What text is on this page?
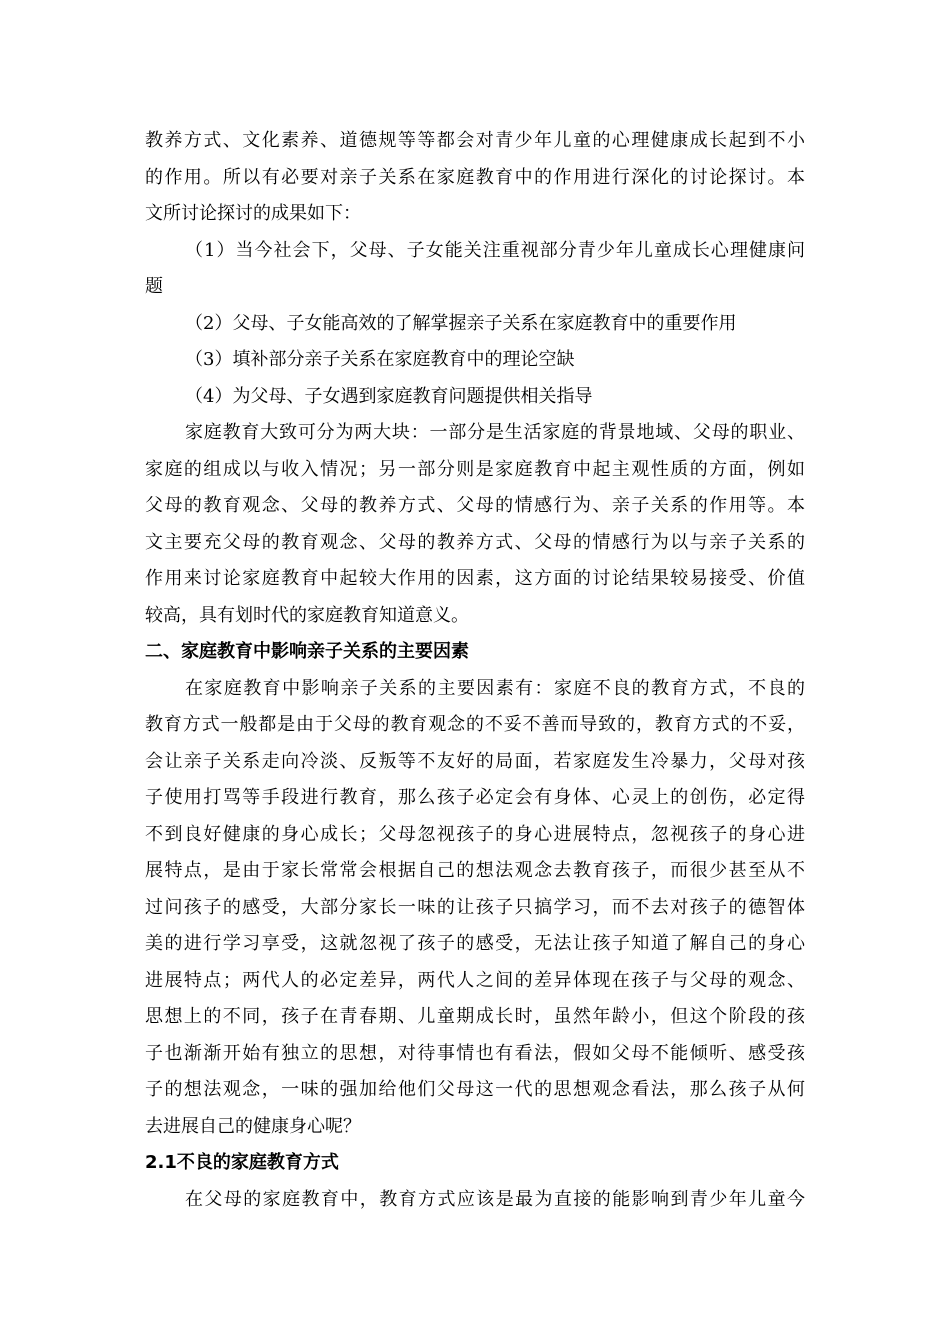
教养方式、文化素养、道德规等等都会对青少年儿童的心理健康成长起到不小
的作用。所以有必要对亲子关系在家庭教育中的作用进行深化的讨论探讨。本
文所讨论探讨的成果如下：
（1）当今社会下，父母、子女能关注重视部分青少年儿童成长心理健康问
题
（2）父母、子女能高效的了解掌握亲子关系在家庭教育中的重要作用
（3）填补部分亲子关系在家庭教育中的理论空缺
（4）为父母、子女遇到家庭教育问题提供相关指导
家庭教育大致可分为两大块：一部分是生活家庭的背景地域、父母的职业、
家庭的组成以与收入情况；另一部分则是家庭教育中起主观性质的方面，例如
父母的教育观念、父母的教养方式、父母的情感行为、亲子关系的作用等。本
文主要充父母的教育观念、父母的教养方式、父母的情感行为以与亲子关系的
作用来讨论家庭教育中起较大作用的因素，这方面的讨论结果较易接受、价值
较高，具有划时代的家庭教育知道意义。
二、家庭教育中影响亲子关系的主要因素
在家庭教育中影响亲子关系的主要因素有：家庭不良的教育方式，不良的
教育方式一般都是由于父母的教育观念的不妥不善而导致的，教育方式的不妥，
会让亲子关系走向冷淡、反叛等不友好的局面，若家庭发生冷暴力，父母对孩
子使用打骂等手段进行教育，那么孩子必定会有身体、心灵上的创伤，必定得
不到良好健康的身心成长；父母忽视孩子的身心进展特点，忽视孩子的身心进
展特点，是由于家长常常会根据自己的想法观念去教育孩子，而很少甚至从不
过问孩子的感受，大部分家长一味的让孩子只搞学习，而不去对孩子的德智体
美的进行学习享受，这就忽视了孩子的感受，无法让孩子知道了解自己的身心
进展特点；两代人的必定差异，两代人之间的差异体现在孩子与父母的观念、
思想上的不同，孩子在青春期、儿童期成长时，虽然年龄小，但这个阶段的孩
子也渐渐开始有独立的思想，对待事情也有看法，假如父母不能倾听、感受孩
子的想法观念，一味的强加给他们父母这一代的思想观念看法，那么孩子从何
去进展自己的健康身心呢？
2.1不良的家庭教育方式
在父母的家庭教育中，教育方式应该是最为直接的能影响到青少年儿童今
